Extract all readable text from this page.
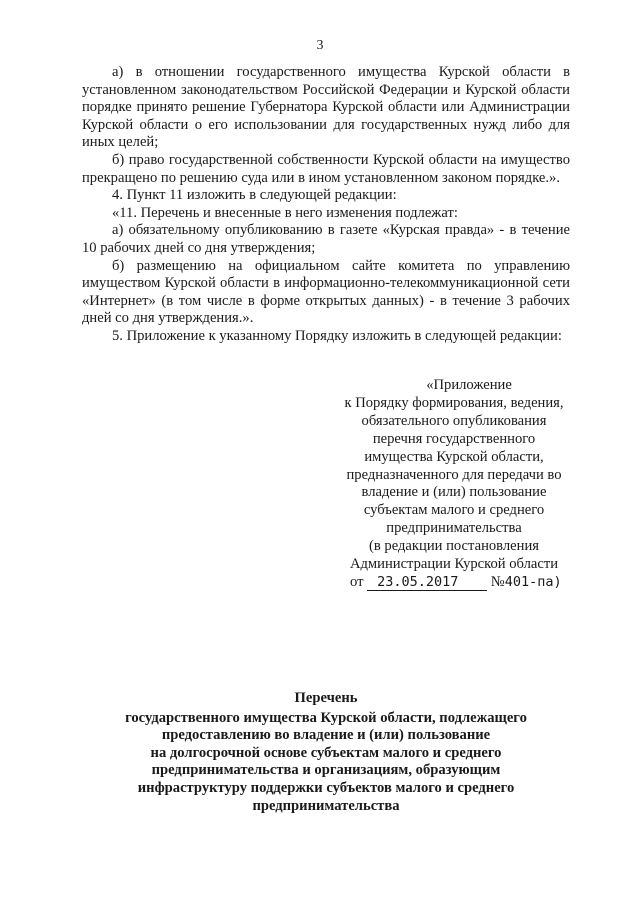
3

а) в отношении государственного имущества Курской области в установленном законодательством Российской Федерации и Курской области порядке принято решение Губернатора Курской области или Администрации Курской области о его использовании для государственных нужд либо для иных целей;

б) право государственной собственности Курской области на имущество прекращено по решению суда или в ином установленном законом порядке.».

4. Пункт 11 изложить в следующей редакции:

«11. Перечень и внесенные в него изменения подлежат:

а) обязательному опубликованию в газете «Курская правда» - в течение 10 рабочих дней со дня утверждения;

б) размещению на официальном сайте комитета по управлению имуществом Курской области в информационно-телекоммуникационной сети «Интернет» (в том числе в форме открытых данных) - в течение 3 рабочих дней со дня утверждения.».

5. Приложение к указанному Порядку изложить в следующей редакции:

«Приложение
к Порядку формирования, ведения,
обязательного опубликования
перечня государственного
имущества Курской области,
предназначенного для передачи во
владение и (или) пользование
субъектам малого и среднего
предпринимательства
(в редакции постановления
Администрации Курской области
от 23.05.2017 №401-па)
Перечень
государственного имущества Курской области, подлежащего
предоставлению во владение и (или) пользование
на долгосрочной основе субъектам малого и среднего
предпринимательства и организациям, образующим
инфраструктуру поддержки субъектов малого и среднего
предпринимательства
